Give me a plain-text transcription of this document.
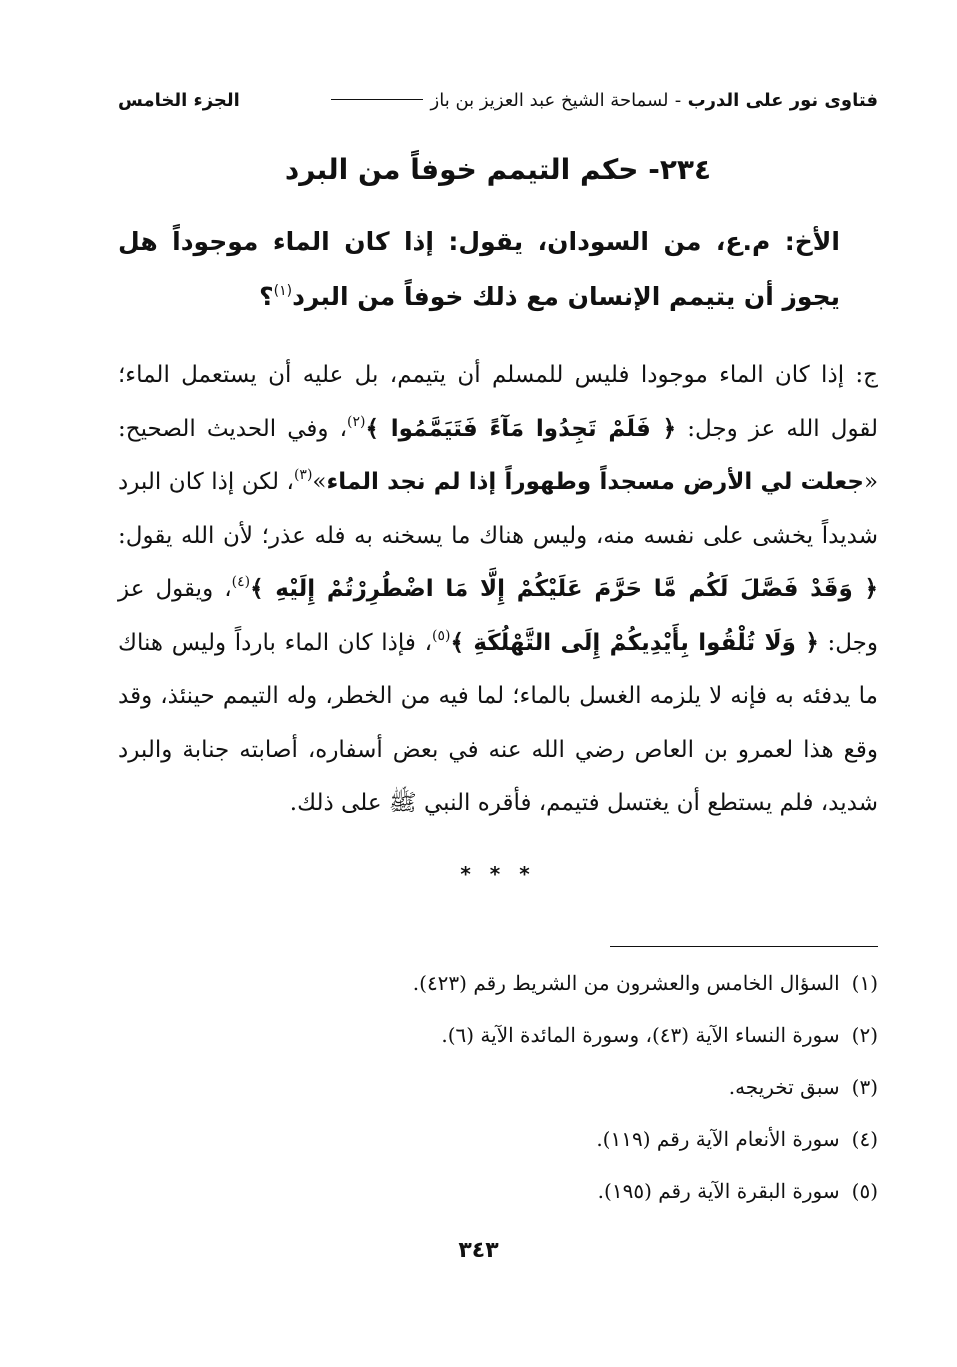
فتاوى نور على الدرب

-

لسماحة الشيخ عبد العزيز بن باز
الجزء الخامس
٢٣٤- حكم التيمم خوفاً من البرد

الأخ: م.ع، من السودان، يقول: إذا كان الماء موجوداً هل يجوز أن يتيمم الإنسان مع ذلك خوفاً من البرد$^{(١)}$؟

ج: إذا كان الماء موجودا فليس للمسلم أن يتيمم، بل عليه أن يستعمل الماء؛ لقول الله عز وجل: ﴿ فَلَمْ تَجِدُوا مَآءً فَتَيَمَّمُوا ﴾$^{(٢)}$، وفي الحديث الصحيح: «جعلت لي الأرض مسجداً وطهوراً إذا لم نجد الماء»$^{(٣)}$، لكن إذا كان البرد شديداً يخشى على نفسه منه، وليس هناك ما يسخنه به فله عذر؛ لأن الله يقول: ﴿ وَقَدْ فَصَّلَ لَكُم مَّا حَرَّمَ عَلَيْكُمْ إِلَّا مَا اضْطُرِرْتُمْ إِلَيْهِ ﴾$^{(٤)}$، ويقول عز وجل: ﴿ وَلَا تُلْقُوا بِأَيْدِيكُمْ إِلَى التَّهْلُكَةِ ﴾$^{(٥)}$، فإذا كان الماء بارداً وليس هناك ما يدفئه به فإنه لا يلزمه الغسل بالماء؛ لما فيه من الخطر، وله التيمم حينئذ، وقد وقع هذا لعمرو بن العاص رضي الله عنه في بعض أسفاره، أصابته جنابة والبرد شديد، فلم يستطع أن يغتسل فتيمم، فأقره النبي ﷺ على ذلك.

* * *
(١)السؤال الخامس والعشرون من الشريط رقم (٤٢٣).
(٢)سورة النساء الآية (٤٣)، وسورة المائدة الآية (٦).
(٣)سبق تخريجه.
(٤)سورة الأنعام الآية رقم (١١٩).
(٥)سورة البقرة الآية رقم (١٩٥).
٣٤٣
